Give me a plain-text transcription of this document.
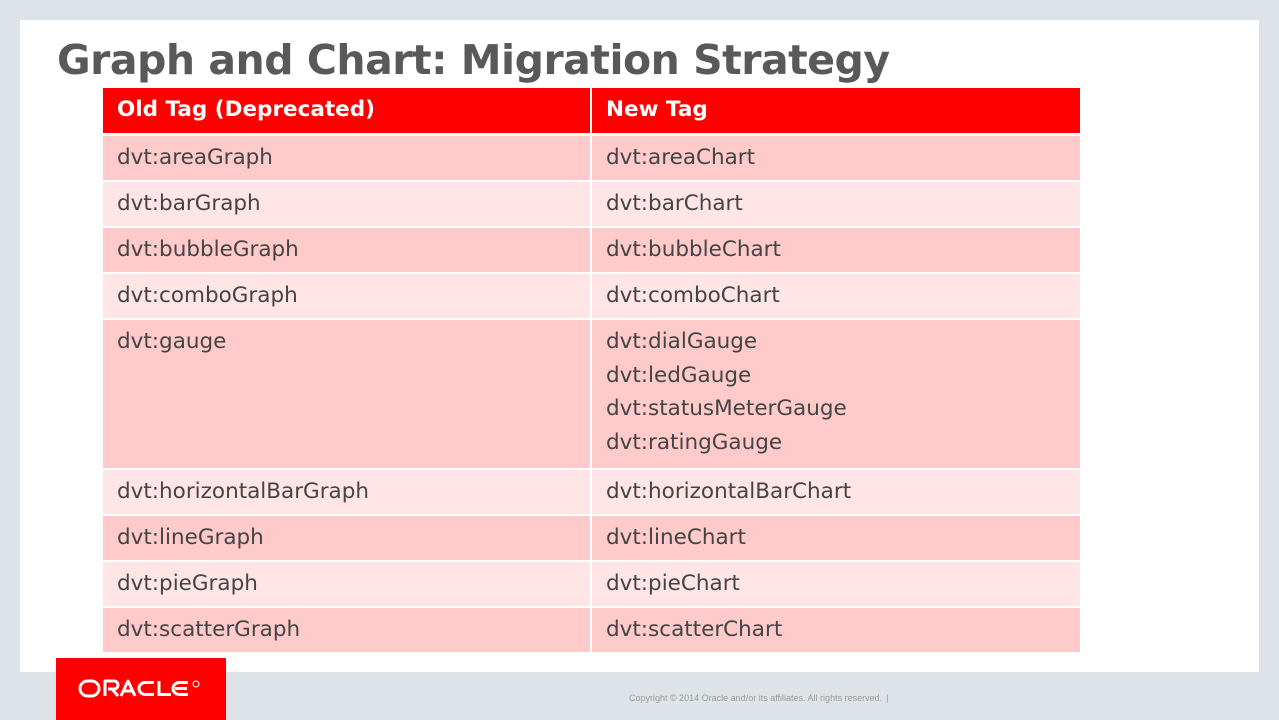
Graph and Chart: Migration Strategy
Old Tag (Deprecated)	New Tag
dvt:areaGraph	dvt:areaChart
dvt:barGraph	dvt:barChart
dvt:bubbleGraph	dvt:bubbleChart
dvt:comboGraph	dvt:comboChart
dvt:gauge	dvt:dialGauge
dvt:ledGauge
dvt:statusMeterGauge
dvt:ratingGauge

dvt:horizontalBarGraph	dvt:horizontalBarChart
dvt:lineGraph	dvt:lineChart
dvt:pieGraph	dvt:pieChart
dvt:scatterGraph	dvt:scatterChart
Copyright © 2014 Oracle and/or its affiliates. All rights reserved. |
